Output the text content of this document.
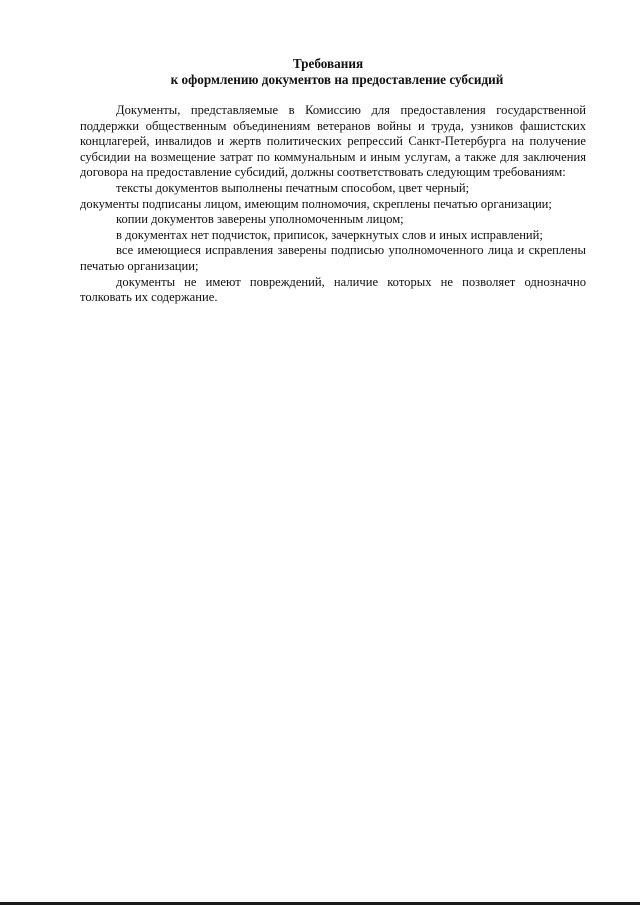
Требования
к оформлению документов на предоставление субсидий

Документы, представляемые в Комиссию для предоставления государственной поддержки общественным объединениям ветеранов войны и труда, узников фашистских концлагерей, инвалидов и жертв политических репрессий Санкт-Петербурга на получение субсидии на возмещение затрат по коммунальным и иным услугам, а также для заключения договора на предоставление субсидий, должны соответствовать следующим требованиям:

тексты документов выполнены печатным способом, цвет черный;

документы подписаны лицом, имеющим полномочия, скреплены печатью организации;

копии документов заверены уполномоченным лицом;

в документах нет подчисток, приписок, зачеркнутых слов и иных исправлений;

все имеющиеся исправления заверены подписью уполномоченного лица и скреплены печатью организации;

документы не имеют повреждений, наличие которых не позволяет однозначно толковать их содержание.
